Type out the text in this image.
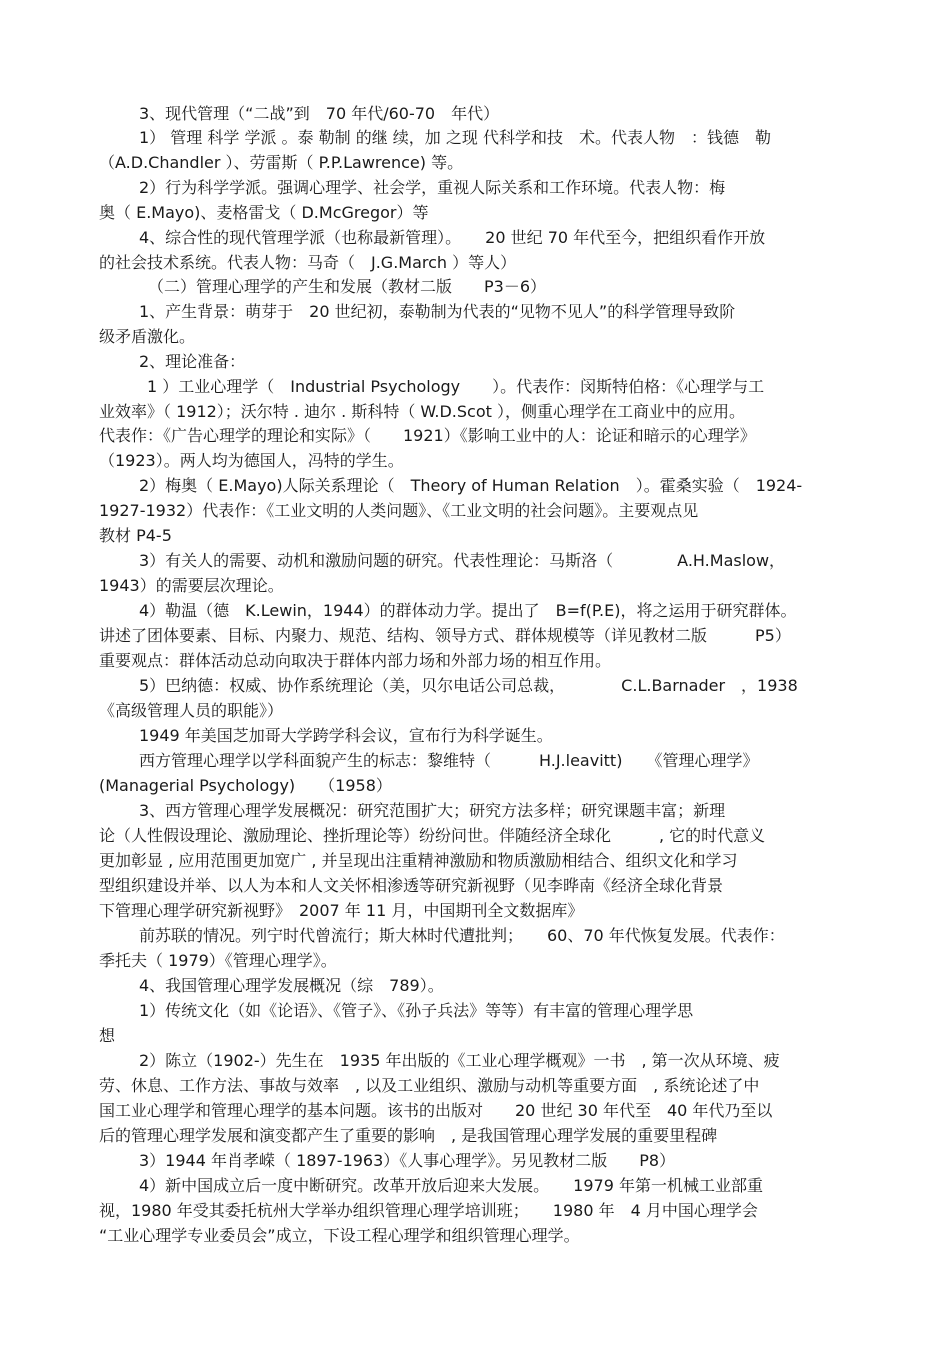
3、现代管理（“二战”到　70 年代/60-70　年代）
1） 管理 科学 学派 。泰 勒制 的继 续，加 之现 代科学和技　术。代表人物　：钱德　勒
（A.D.Chandler ）、劳雷斯（ P.P.Lawrence) 等。
2）行为科学学派。强调心理学、社会学，重视人际关系和工作环境。代表人物：梅
奥（ E.Mayo)、麦格雷戈（ D.McGregor）等
4、综合性的现代管理学派（也称最新管理）。　　20 世纪 70 年代至今，把组织看作开放
的社会技术系统。代表人物：马奇（　J.G.March ）等人）
（二）管理心理学的产生和发展（教材二版　　P3－6）
1、产生背景：萌芽于　20 世纪初，泰勒制为代表的“见物不见人”的科学管理导致阶
级矛盾激化。
2、理论准备：
1 ）工业心理学（　Industrial Psychology　　）。代表作：闵斯特伯格：《心理学与工
业效率》（ 1912）；沃尔特 . 迪尔 . 斯科特（ W.D.Scot ），侧重心理学在工商业中的应用。
代表作：《广告心理学的理论和实际》（　　1921）《影响工业中的人：论证和暗示的心理学》
（1923）。两人均为德国人，冯特的学生。
2）梅奥（ E.Mayo)人际关系理论（　Theory of Human Relation　）。霍桑实验（　1924-
1927-1932）代表作：《工业文明的人类问题》、《工业文明的社会问题》。主要观点见
教材 P4-5
3）有关人的需要、动机和激励问题的研究。代表性理论：马斯洛（　　　　A.H.Maslow，
1943）的需要层次理论。
4）勒温（德　K.Lewin，1944）的群体动力学。提出了　B=f(P.E)，将之运用于研究群体。
讲述了团体要素、目标、内聚力、规范、结构、领导方式、群体规模等（详见教材二版　　　P5）
重要观点：群体活动总动向取决于群体内部力场和外部力场的相互作用。
5）巴纳德：权威、协作系统理论（美，贝尔电话公司总裁，　　　　C.L.Barnader　，1938
《高级管理人员的职能》）
1949 年美国芝加哥大学跨学科会议，宣布行为科学诞生。
西方管理心理学以学科面貌产生的标志：黎维特（　　　H.J.leavitt)　　《管理心理学》
(Managerial Psychology)　　（1958）
3、西方管理心理学发展概况：研究范围扩大；研究方法多样；研究课题丰富；新理
论（人性假设理论、激励理论、挫折理论等）纷纷问世。伴随经济全球化　　　, 它的时代意义
更加彰显 , 应用范围更加宽广 , 并呈现出注重精神激励和物质激励相结合、组织文化和学习
型组织建设并举、以人为本和人文关怀相渗透等研究新视野（见李晔南《经济全球化背景
下管理心理学研究新视野》　2007 年 11 月，中国期刊全文数据库》
前苏联的情况。列宁时代曾流行；斯大林时代遭批判；　　60、70 年代恢复发展。代表作：
季托夫（ 1979）《管理心理学》。
4、我国管理心理学发展概况（综　789）。
1）传统文化（如《论语》、《管子》、《孙子兵法》等等）有丰富的管理心理学思
想
2）陈立（1902-）先生在　1935 年出版的《工业心理学概观》一书　, 第一次从环境、疲
劳、休息、工作方法、事故与效率　, 以及工业组织、激励与动机等重要方面　, 系统论述了中
国工业心理学和管理心理学的基本问题。该书的出版对　　20 世纪 30 年代至　40 年代乃至以
后的管理心理学发展和演变都产生了重要的影响　, 是我国管理心理学发展的重要里程碑
3）1944 年肖孝嵘（ 1897-1963）《人事心理学》。另见教材二版　　P8）
4）新中国成立后一度中断研究。改革开放后迎来大发展。　　1979 年第一机械工业部重
视，1980 年受其委托杭州大学举办组织管理心理学培训班；　　1980 年　4 月中国心理学会
“工业心理学专业委员会”成立，下设工程心理学和组织管理心理学。
